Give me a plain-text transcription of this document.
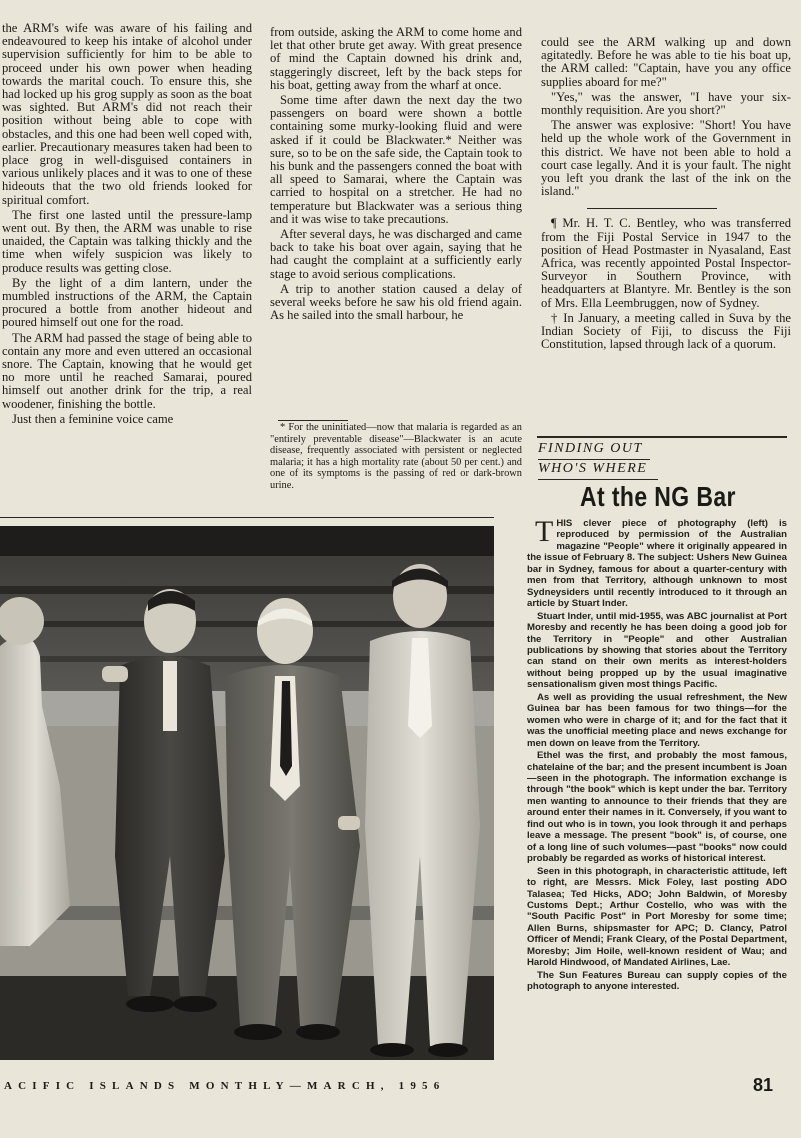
the ARM's wife was aware of his failing and endeavoured to keep his intake of alcohol under supervision sufficiently for him to be able to proceed under his own power when heading towards the marital couch. To ensure this, she had locked up his grog supply as soon as the boat was sighted. But ARM's did not reach their position without being able to cope with obstacles, and this one had been well coped with, earlier. Precautionary measures taken had been to place grog in well-disguised containers in various unlikely places and it was to one of these hideouts that the two old friends looked for spiritual comfort.

The first one lasted until the pressure-lamp went out. By then, the ARM was unable to rise unaided, the Captain was talking thickly and the time when wifely suspicion was likely to produce results was getting close.

By the light of a dim lantern, under the mumbled instructions of the ARM, the Captain procured a bottle from another hideout and poured himself out one for the road.

The ARM had passed the stage of being able to contain any more and even uttered an occasional snore. The Captain, knowing that he would get no more until he reached Samarai, poured himself out another drink for the trip, a real woodener, finishing the bottle.

Just then a feminine voice came

from outside, asking the ARM to come home and let that other brute get away. With great presence of mind the Captain downed his drink and, staggeringly discreet, left by the back steps for his boat, getting away from the wharf at once.

Some time after dawn the next day the two passengers on board were shown a bottle containing some murky-looking fluid and were asked if it could be Blackwater.* Neither was sure, so to be on the safe side, the Captain took to his bunk and the passengers conned the boat with all speed to Samarai, where the Captain was carried to hospital on a stretcher. He had no temperature but Blackwater was a serious thing and it was wise to take precautions.

After several days, he was discharged and came back to take his boat over again, saying that he had caught the complaint at a sufficiently early stage to avoid serious complications.

A trip to another station caused a delay of several weeks before he saw his old friend again. As he sailed into the small harbour, he

* For the uninitiated—now that malaria is regarded as an "entirely preventable disease"—Blackwater is an acute disease, frequently associated with persistent or neglected malaria; it has a high mortality rate (about 50 per cent.) and one of its symptoms is the passing of red or dark-brown urine.

could see the ARM walking up and down agitatedly. Before he was able to tie his boat up, the ARM called: "Captain, have you any office supplies aboard for me?"

"Yes," was the answer, "I have your six-monthly requisition. Are you short?"

The answer was explosive: "Short! You have held up the whole work of the Government in this district. We have not been able to hold a court case legally. And it is your fault. The night you left you drank the last of the ink on the island."

¶ Mr. H. T. C. Bentley, who was transferred from the Fiji Postal Service in 1947 to the position of Head Postmaster in Nyasaland, East Africa, was recently appointed Postal Inspector-Surveyor in Southern Province, with headquarters at Blantyre. Mr. Bentley is the son of Mrs. Ella Leembruggen, now of Sydney.

† In January, a meeting called in Suva by the Indian Society of Fiji, to discuss the Fiji Constitution, lapsed through lack of a quorum.

FINDING OUT
WHO'S WHERE
At the NG Bar
T HIS clever piece of photography (left) is reproduced by permission of the Australian magazine "People" where it originally appeared in the issue of February 8. The subject: Ushers New Guinea bar in Sydney, famous for about a quarter-century with men from that Territory, although unknown to most Sydneysiders until recently introduced to it through an article by Stuart Inder.

Stuart Inder, until mid-1955, was ABC journalist at Port Moresby and recently he has been doing a good job for the Territory in "People" and other Australian publications by showing that stories about the Territory can stand on their own merits as interest-holders without being propped up by the usual imaginative sensationalism given most things Pacific.

As well as providing the usual refreshment, the New Guinea bar has been famous for two things—for the women who were in charge of it; and for the fact that it was the unofficial meeting place and news exchange for men down on leave from the Territory.

Ethel was the first, and probably the most famous, chatelaine of the bar; and the present incumbent is Joan—seen in the photograph. The information exchange is through "the book" which is kept under the bar. Territory men wanting to announce to their friends that they are around enter their names in it. Conversely, if you want to find out who is in town, you look through it and perhaps leave a message. The present "book" is, of course, one of a long line of such volumes—past "books" now could probably be regarded as works of historical interest.

Seen in this photograph, in characteristic attitude, left to right, are Messrs. Mick Foley, last posting ADO Talasea; Ted Hicks, ADO; John Baldwin, of Moresby Customs Dept.; Arthur Costello, who was with the "South Pacific Post" in Port Moresby for some time; Allen Burns, shipsmaster for APC; D. Clancy, Patrol Officer of Mendi; Frank Cleary, of the Postal Department, Moresby; Jim Hoile, well-known resident of Wau; and Harold Hindwood, of Mandated Airlines, Lae.

The Sun Features Bureau can supply copies of the photograph to anyone interested.

ACIFIC ISLANDS MONTHLY—MARCH, 1956	81
